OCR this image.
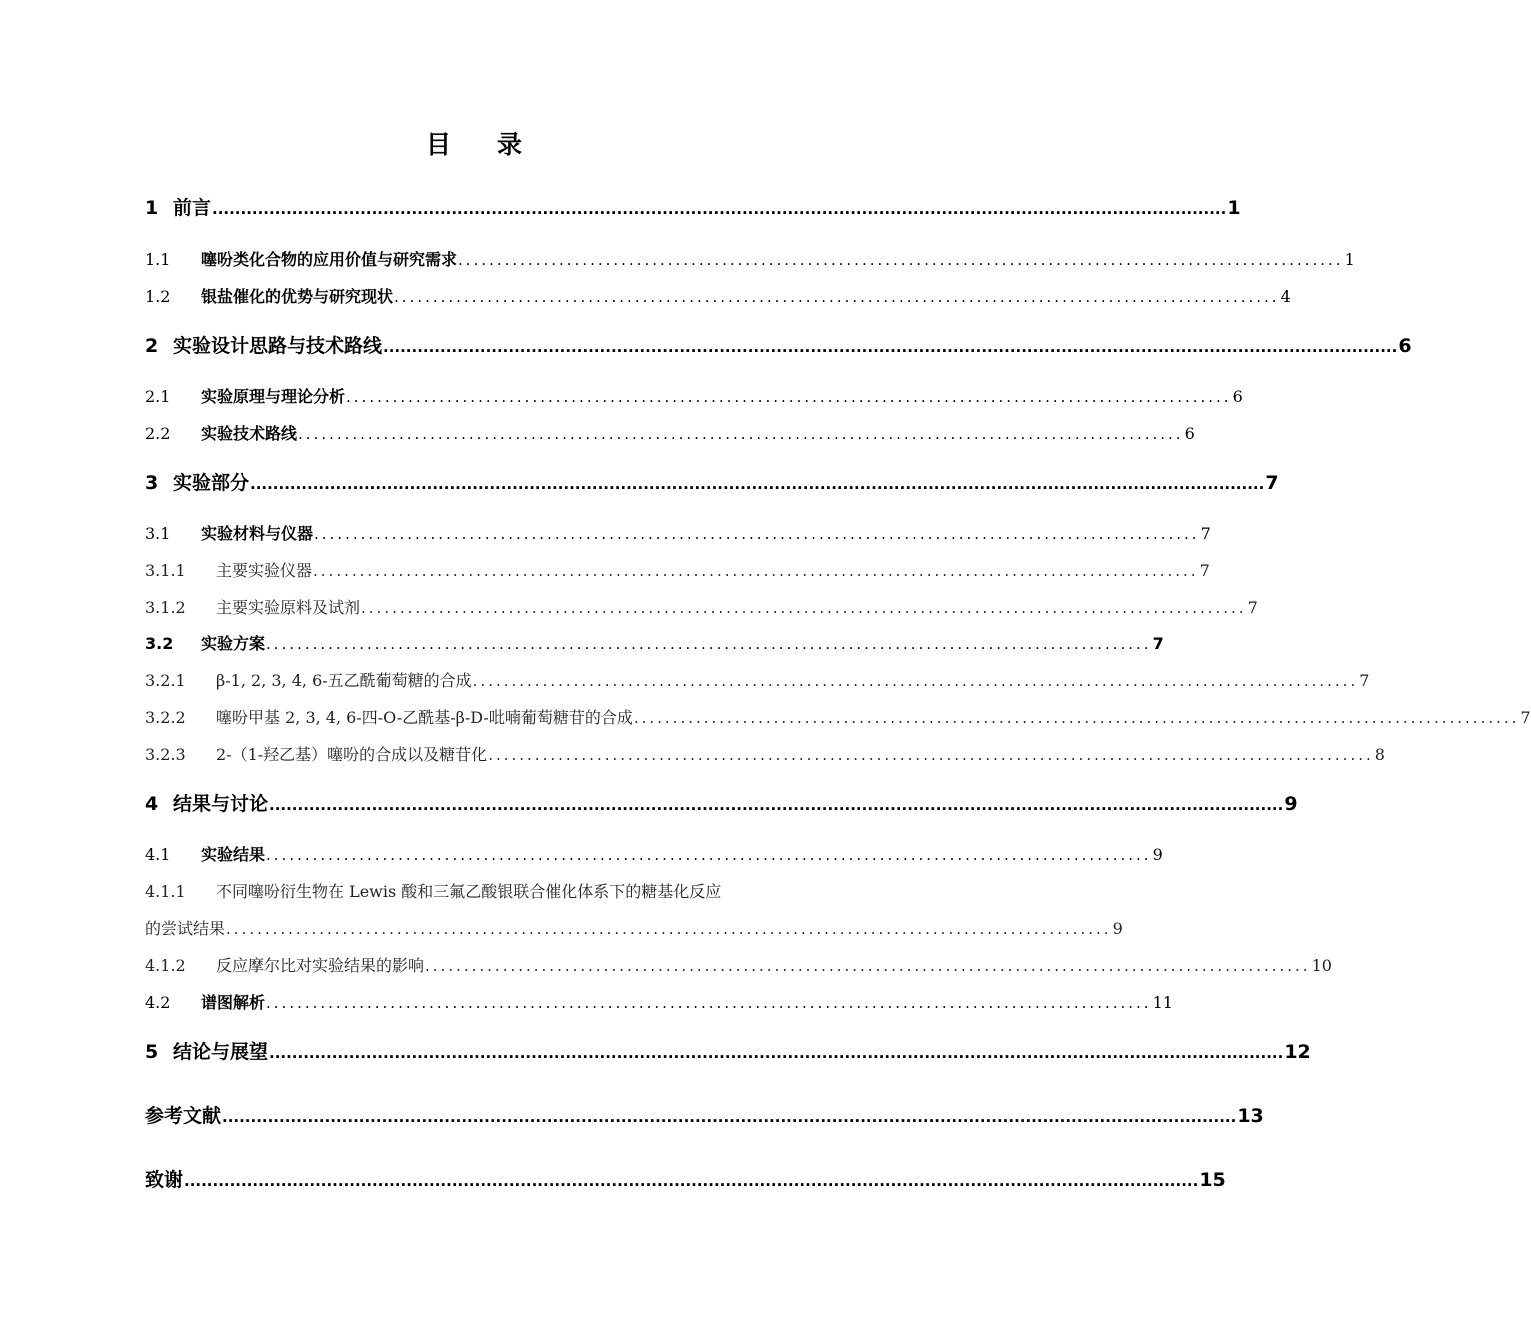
目 录
1 前言 .................................................................................................................................................................................. 1
1.1	噻吩类化合物的应用价值与研究需求 .................................................................................................................. 1
1.2	银盐催化的优势与研究现状 .................................................................................................................. 4
2 实验设计思路与技术路线 .................................................................................................................................................................................. 6
2.1	实验原理与理论分析 .................................................................................................................. 6
2.2	实验技术路线 .................................................................................................................. 6
3 实验部分 .................................................................................................................................................................................. 7
3.1	实验材料与仪器 .................................................................................................................. 7
3.1.1	主要实验仪器 .................................................................................................................. 7
3.1.2	主要实验原料及试剂 .................................................................................................................. 7
3.2	实验方案 .................................................................................................................. 7
3.2.1	β-1, 2, 3, 4, 6-五乙酰葡萄糖的合成 .................................................................................................................. 7
3.2.2	噻吩甲基 2, 3, 4, 6-四-O-乙酰基-β-D-吡喃葡萄糖苷的合成 .................................................................................................................. 7
3.2.3	2-（1-羟乙基）噻吩的合成以及糖苷化 .................................................................................................................. 8
4 结果与讨论 .................................................................................................................................................................................. 9
4.1	实验结果 .................................................................................................................. 9
4.1.1 不同噻吩衍生物在 Lewis 酸和三氟乙酸银联合催化体系下的糖基化反应
的尝试结果 .................................................................................................................. 9
4.1.2	反应摩尔比对实验结果的影响 .................................................................................................................. 10
4.2	谱图解析 .................................................................................................................. 11
5 结论与展望 .................................................................................................................................................................................. 12
参考文献 .................................................................................................................................................................................. 13
致谢 .................................................................................................................................................................................. 15
